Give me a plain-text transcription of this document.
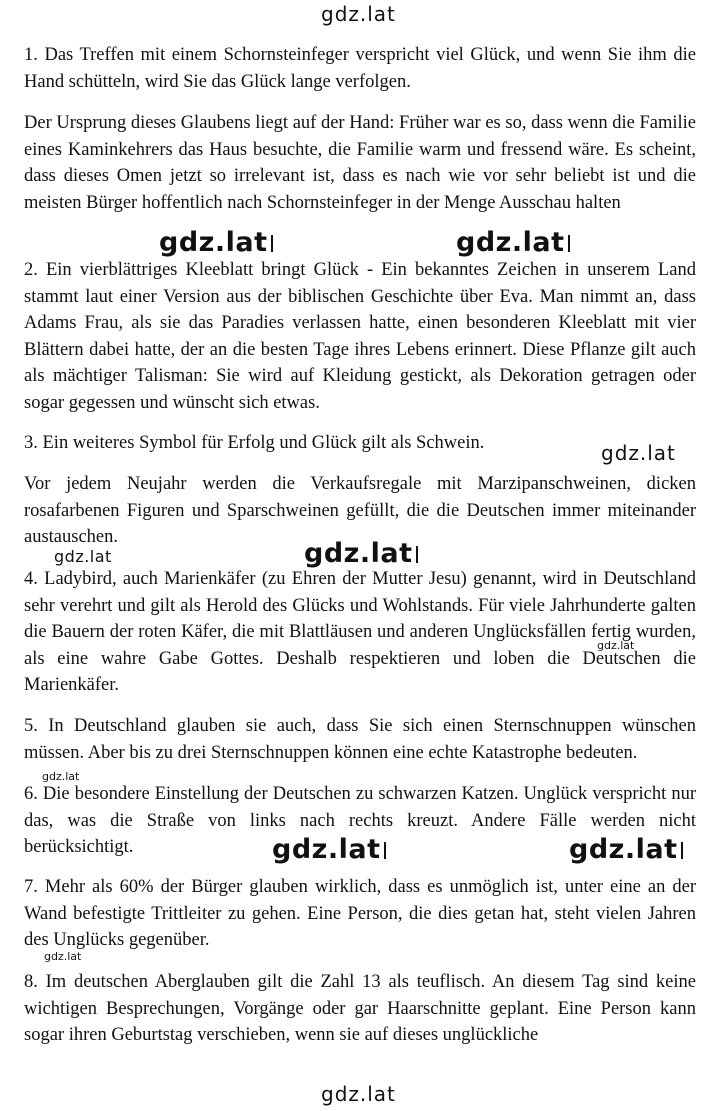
1. Das Treffen mit einem Schornsteinfeger verspricht viel Glück, und wenn Sie ihm die Hand schütteln, wird Sie das Glück lange verfolgen.

Der Ursprung dieses Glaubens liegt auf der Hand: Früher war es so, dass wenn die Familie eines Kaminkehrers das Haus besuchte, die Familie warm und fressend wäre. Es scheint, dass dieses Omen jetzt so irrelevant ist, dass es nach wie vor sehr beliebt ist und die meisten Bürger hoffentlich nach Schornsteinfeger in der Menge Ausschau halten

2. Ein vierblättriges Kleeblatt bringt Glück - Ein bekanntes Zeichen in unserem Land stammt laut einer Version aus der biblischen Geschichte über Eva. Man nimmt an, dass Adams Frau, als sie das Paradies verlassen hatte, einen besonderen Kleeblatt mit vier Blättern dabei hatte, der an die besten Tage ihres Lebens erinnert. Diese Pflanze gilt auch als mächtiger Talisman: Sie wird auf Kleidung gestickt, als Dekoration getragen oder sogar gegessen und wünscht sich etwas.

3. Ein weiteres Symbol für Erfolg und Glück gilt als Schwein.

Vor jedem Neujahr werden die Verkaufsregale mit Marzipanschweinen, dicken rosafarbenen Figuren und Sparschweinen gefüllt, die die Deutschen immer miteinander austauschen.

4. Ladybird, auch Marienkäfer (zu Ehren der Mutter Jesu) genannt, wird in Deutschland sehr verehrt und gilt als Herold des Glücks und Wohlstands. Für viele Jahrhunderte galten die Bauern der roten Käfer, die mit Blattläusen und anderen Unglücksfällen fertig wurden, als eine wahre Gabe Gottes. Deshalb respektieren und loben die Deutschen die Marienkäfer.

5. In Deutschland glauben sie auch, dass Sie sich einen Sternschnuppen wünschen müssen. Aber bis zu drei Sternschnuppen können eine echte Katastrophe bedeuten.

6. Die besondere Einstellung der Deutschen zu schwarzen Katzen. Unglück verspricht nur das, was die Straße von links nach rechts kreuzt. Andere Fälle werden nicht berücksichtigt.

7. Mehr als 60% der Bürger glauben wirklich, dass es unmöglich ist, unter eine an der Wand befestigte Trittleiter zu gehen. Eine Person, die dies getan hat, steht vielen Jahren des Unglücks gegenüber.

8. Im deutschen Aberglauben gilt die Zahl 13 als teuflisch. An diesem Tag sind keine wichtigen Besprechungen, Vorgänge oder gar Haarschnitte geplant. Eine Person kann sogar ihren Geburtstag verschieben, wenn sie auf dieses unglückliche

gdz.lat
gdz.lat	gdz.lat
gdz.lat
gdz.lat
gdz.lat
gdz.lat
gdz.lat
gdz.lat	gdz.lat
gdz.lat
gdz.lat
